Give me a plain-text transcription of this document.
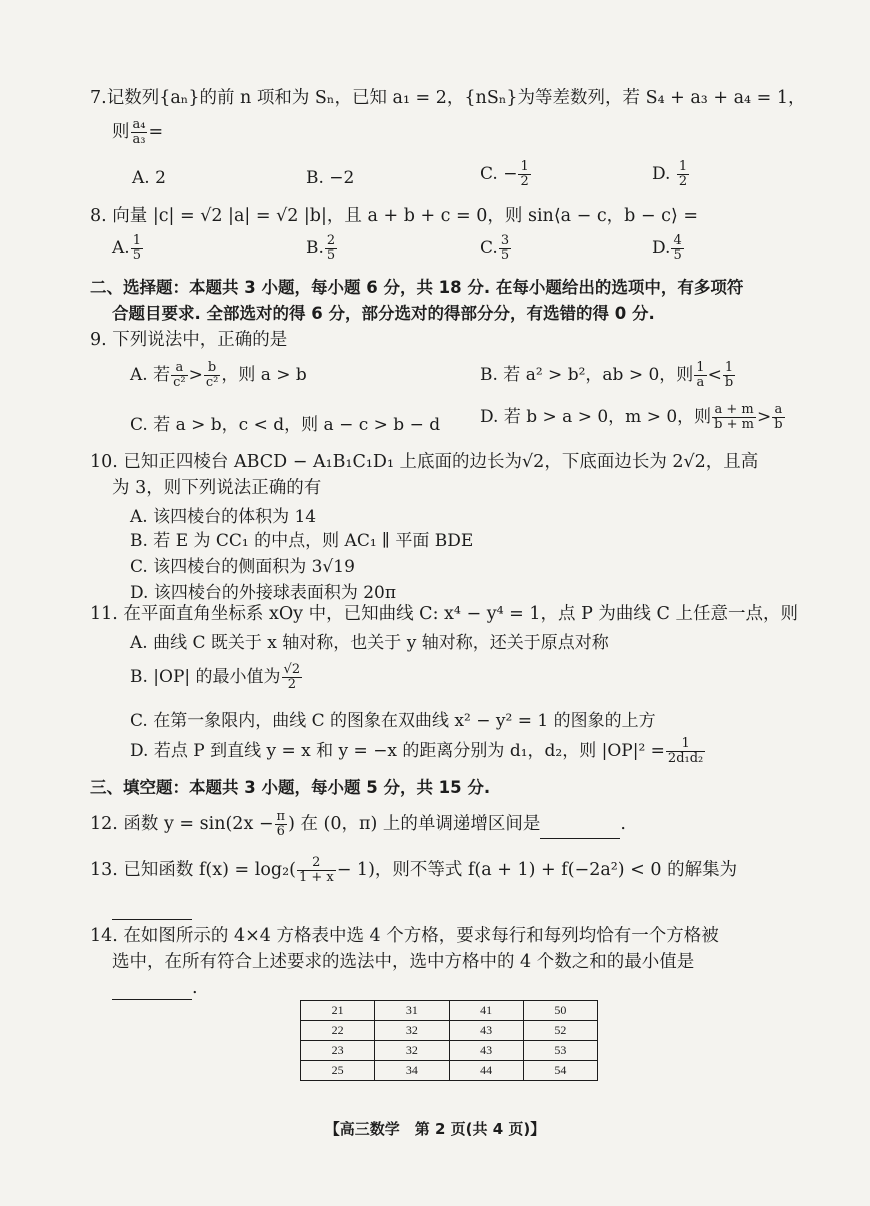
7.记数列{aₙ}的前 n 项和为 Sₙ，已知 a₁ = 2，{nSₙ}为等差数列，若 S₄ + a₃ + a₄ = 1，
则 $\frac{\text{a₄}}{\text{a₃}}$ =
A. 2	B. −2	C. − $\frac{1}{2}$	D. $\frac{1}{2}$
8. 向量 |c| = √2 |a| = √2 |b|，且 a + b + c = 0，则 sin⟨a − c，b − c⟩ =
A. $\frac{1}{5}$	B. $\frac{2}{5}$	C. $\frac{3}{5}$	D. $\frac{4}{5}$
二、选择题：本题共 3 小题，每小题 6 分，共 18 分. 在每小题给出的选项中，有多项符
合题目要求. 全部选对的得 6 分，部分选对的得部分分，有选错的得 0 分.
9. 下列说法中，正确的是
A. 若 $\frac{a}{\text{c²}} > \frac{b}{\text{c²}}$ ，则 a > b	B. 若 a² > b²，ab > 0，则 $\frac{1}{a} < \frac{1}{b}$
C. 若 a > b，c < d，则 a − c > b − d D. 若 b > a > 0，m > 0，则 $\frac{a + m}{b + m} > \frac{a}{b}$
10. 已知正四棱台 ABCD − A₁B₁C₁D₁ 上底面的边长为√2，下底面边长为 2√2，且高
为 3，则下列说法正确的有
A. 该四棱台的体积为 14
B. 若 E 为 CC₁ 的中点，则 AC₁ ∥ 平面 BDE
C. 该四棱台的侧面积为 3√19
D. 该四棱台的外接球表面积为 20π
11. 在平面直角坐标系 xOy 中，已知曲线 C: x⁴ − y⁴ = 1，点 P 为曲线 C 上任意一点，则
A. 曲线 C 既关于 x 轴对称，也关于 y 轴对称，还关于原点对称
B. |OP| 的最小值为 $\frac{√2}{2}$
C. 在第一象限内，曲线 C 的图象在双曲线 x² − y² = 1 的图象的上方
D. 若点 P 到直线 y = x 和 y = −x 的距离分别为 d₁，d₂，则 $|OP|^2 = \frac{1}{\text{2d₁d₂}}$
三、填空题：本题共 3 小题，每小题 5 分，共 15 分.
12. 函数 $y = \sin(2x - \frac{\pi}{6}$ ) 在 (0，π) 上的单调递增区间是	.
13. 已知函数 $f(x) = \log_2( \frac{2}{1 + x} - 1)$，则不等式 f(a + 1) + f(−2a²) < 0 的解集为
14. 在如图所示的 4×4 方格表中选 4 个方格，要求每行和每列均恰有一个方格被
选中，在所有符合上述要求的选法中，选中方格中的 4 个数之和的最小值是
.
21	31	41	50
22	32	43	52
23	32	43	53
25	34	44	54
【高三数学　第 2 页(共 4 页)】
